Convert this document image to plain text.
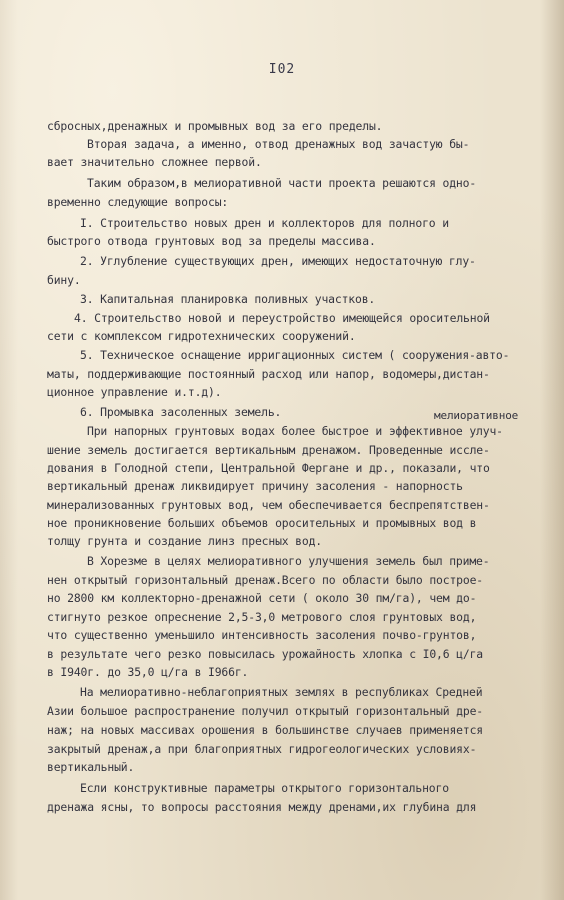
I02
сбросных,дренажных и промывных вод за его пределы.
Вторая задача, а именно, отвод дренажных вод зачастую бы-
вает значительно сложнее первой.
Таким образом,в мелиоративной части проекта решаются одно-
временно следующие вопросы:
I. Строительство новых дрен и коллекторов для полного и
быстрого отвода грунтовых вод за пределы массива.
2. Углубление существующих дрен, имеющих недостаточную глу-
бину.
3. Капитальная планировка поливных участков.
4. Строительство новой и переустройство имеющейся оросительной
сети с комплексом гидротехнических сооружений.
5. Техническое оснащение ирригационных систем ( сооружения-авто-
маты, поддерживающие постоянный расход или напор, водомеры,дистан-
ционное управление и.т.д).
6. Промывка засоленных земель.	мелиоративное
При напорных грунтовых водах более быстрое и эффективное улуч-
шение земель достигается вертикальным дренажом. Проведенные иссле-
дования в Голодной степи, Центральной Фергане и др., показали, что
вертикальный дренаж ликвидирует причину засоления - напорность
минерализованных грунтовых вод, чем обеспечивается беспрепятствен-
ное проникновение больших объемов оросительных и промывных вод в
толщу грунта и создание линз пресных вод.
В Хорезме в целях мелиоративного улучшения земель был приме-
нен открытый горизонтальный дренаж.Всего по области было построе-
но 2800 км коллекторно-дренажной сети ( около 30 пм/га), чем до-
стигнуто резкое опреснение 2,5-3,0 метрового слоя грунтовых вод,
что существенно уменьшило интенсивность засоления почво-грунтов,
в результате чего резко повысилась урожайность хлопка с I0,6 ц/га
в I940г. до 35,0 ц/га в I966г.
На мелиоративно-неблагоприятных землях в республиках Средней
Азии большое распространение получил открытый горизонтальный дре-
наж; на новых массивах орошения в большинстве случаев применяется
закрытый дренаж,а при благоприятных гидрогеологических условиях-
вертикальный.
Если конструктивные параметры открытого горизонтального
дренажа ясны, то вопросы расстояния между дренами,их глубина для
